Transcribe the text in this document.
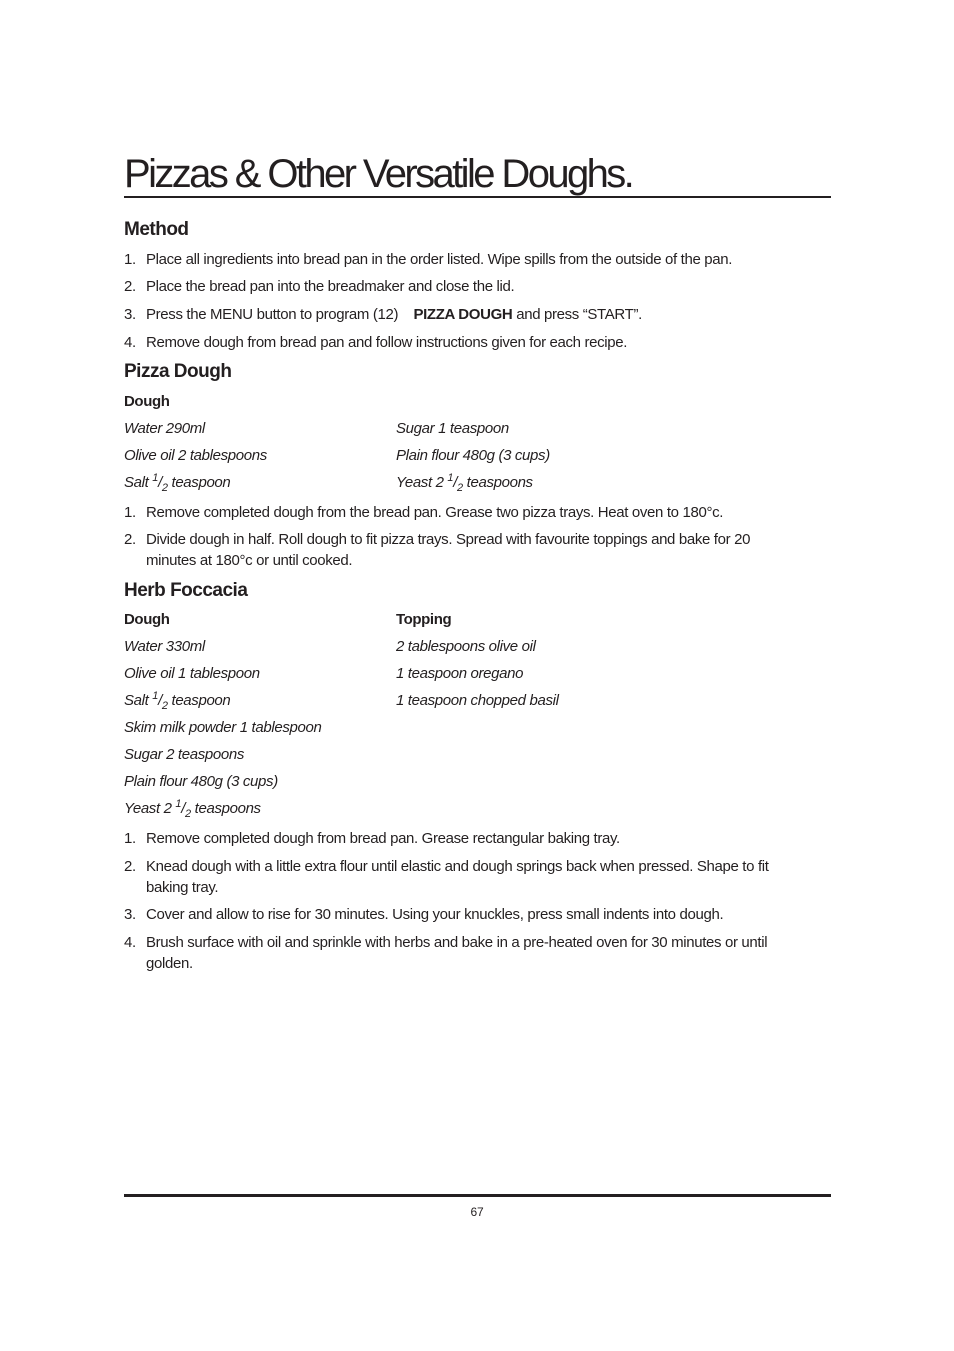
Pizzas & Other Versatile Doughs.
Method
1. Place all ingredients into bread pan in the order listed. Wipe spills from the outside of the pan.
2. Place the bread pan into the breadmaker and close the lid.
3. Press the MENU button to program (12) PIZZA DOUGH and press “START”.
4. Remove dough from bread pan and follow instructions given for each recipe.
Pizza Dough
Dough
Water 290ml
Olive oil 2 tablespoons
Salt $^1/_2$ teaspoon
Sugar 1 teaspoon
Plain flour 480g (3 cups)
Yeast 2 $^1/_2$ teaspoons
1. Remove completed dough from the bread pan. Grease two pizza trays. Heat oven to 180°c.
2. Divide dough in half. Roll dough to fit pizza trays. Spread with favourite toppings and bake for 20 minutes at 180°c or until cooked.
Herb Foccacia
Dough	Topping
Water 330ml
Olive oil 1 tablespoon
Salt $^1/_2$ teaspoon
Skim milk powder 1 tablespoon
Sugar 2 teaspoons
Plain flour 480g (3 cups)
Yeast 2 $^1/_2$ teaspoons
2 tablespoons olive oil
1 teaspoon oregano
1 teaspoon chopped basil
1. Remove completed dough from bread pan. Grease rectangular baking tray.
2. Knead dough with a little extra flour until elastic and dough springs back when pressed. Shape to fit baking tray.
3. Cover and allow to rise for 30 minutes. Using your knuckles, press small indents into dough.
4. Brush surface with oil and sprinkle with herbs and bake in a pre-heated oven for 30 minutes or until golden.
67
